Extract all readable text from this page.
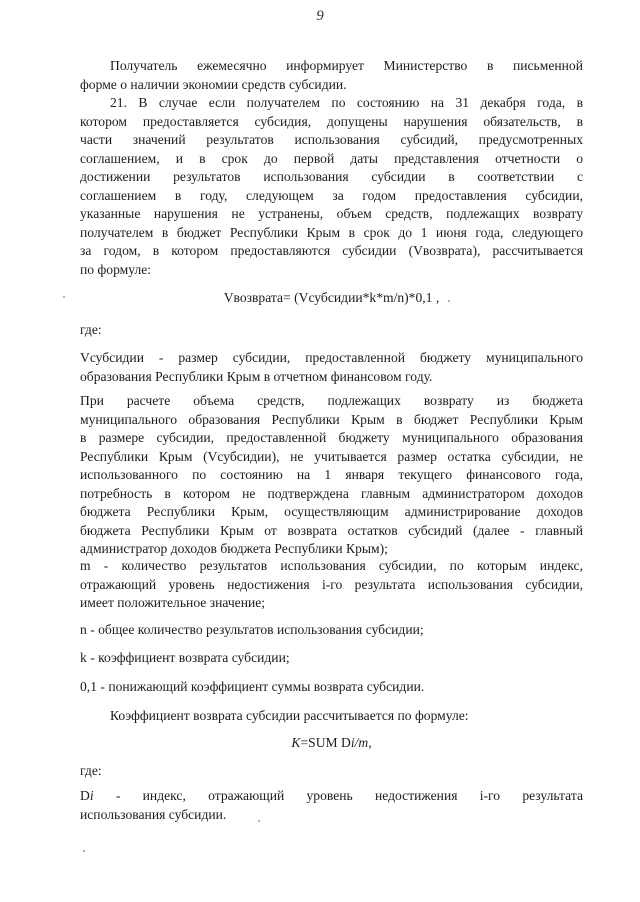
9
Получатель ежемесячно информирует Министерство в письменной
форме о наличии экономии средств субсидии.
21. В случае если получателем по состоянию на 31 декабря года, в
котором предоставляется субсидия, допущены нарушения обязательств, в
части значений результатов использования субсидий, предусмотренных
соглашением, и в срок до первой даты представления отчетности о
достижении результатов использования субсидии в соответствии с
соглашением в году, следующем за годом предоставления субсидии,
указанные нарушения не устранены, объем средств, подлежащих возврату
получателем в бюджет Республики Крым в срок до 1 июня года, следующего
за годом, в котором предоставляются субсидии (Vвозврата), рассчитывается
по формуле:
Vвозврата= (Vсубсидии*k*m/n)*0,1 ,
где:
Vсубсидии - размер субсидии, предоставленной бюджету муниципального
образования Республики Крым в отчетном финансовом году.
При расчете объема средств, подлежащих возврату из бюджета
муниципального образования Республики Крым в бюджет Республики Крым
в размере субсидии, предоставленной бюджету муниципального образования
Республики Крым (Vсубсидии), не учитывается размер остатка субсидии, не
использованного по состоянию на 1 января текущего финансового года,
потребность в котором не подтверждена главным администратором доходов
бюджета Республики Крым, осуществляющим администрирование доходов
бюджета Республики Крым от возврата остатков субсидий (далее - главный
администратор доходов бюджета Республики Крым);
m - количество результатов использования субсидии, по которым индекс,
отражающий уровень недостижения i-го результата использования субсидии,
имеет положительное значение;
n - общее количество результатов использования субсидии;
k - коэффициент возврата субсидии;
0,1 - понижающий коэффициент суммы возврата субсидии.
Коэффициент возврата субсидии рассчитывается по формуле:
K=SUM Di/m,
где:
Di - индекс, отражающий уровень недостижения i-го результата
использования субсидии.
